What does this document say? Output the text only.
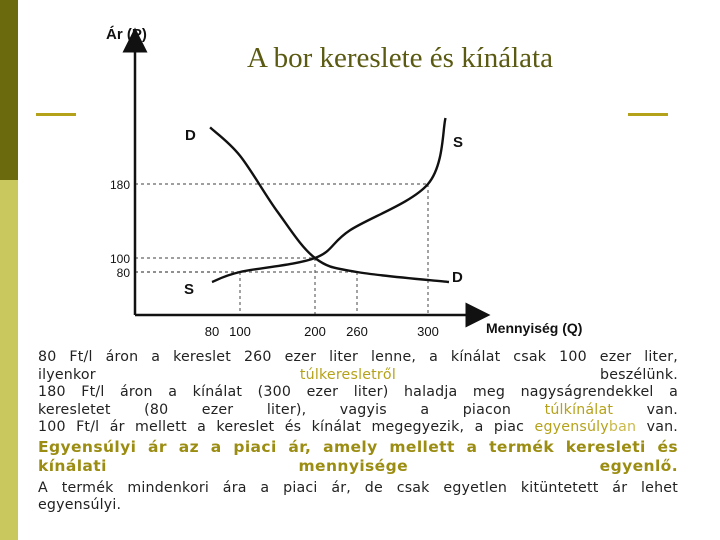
Ár (P)
Mennyiség (Q)
180
100
80
80 100	200 260	300
D
D
S
S
A bor kereslete és kínálata
80 Ft/l áron a kereslet 260 ezer liter lenne, a kínálat csak 100 ezer liter,
ilyenkor túlkeresletről beszélünk.
180 Ft/l áron a kínálat (300 ezer liter) haladja meg nagyságrendekkel a
keresletet (80 ezer liter), vagyis a piacon túlkínálat van.
100 Ft/l ár mellett a kereslet és kínálat megegyezik, a piac egyensúlyban van.
Egyensúlyi ár az a piaci ár, amely mellett a termék keresleti és
kínálati mennyisége egyenlő.
A termék mindenkori ára a piaci ár, de csak egyetlen kitüntetett ár lehet
egyensúlyi.
